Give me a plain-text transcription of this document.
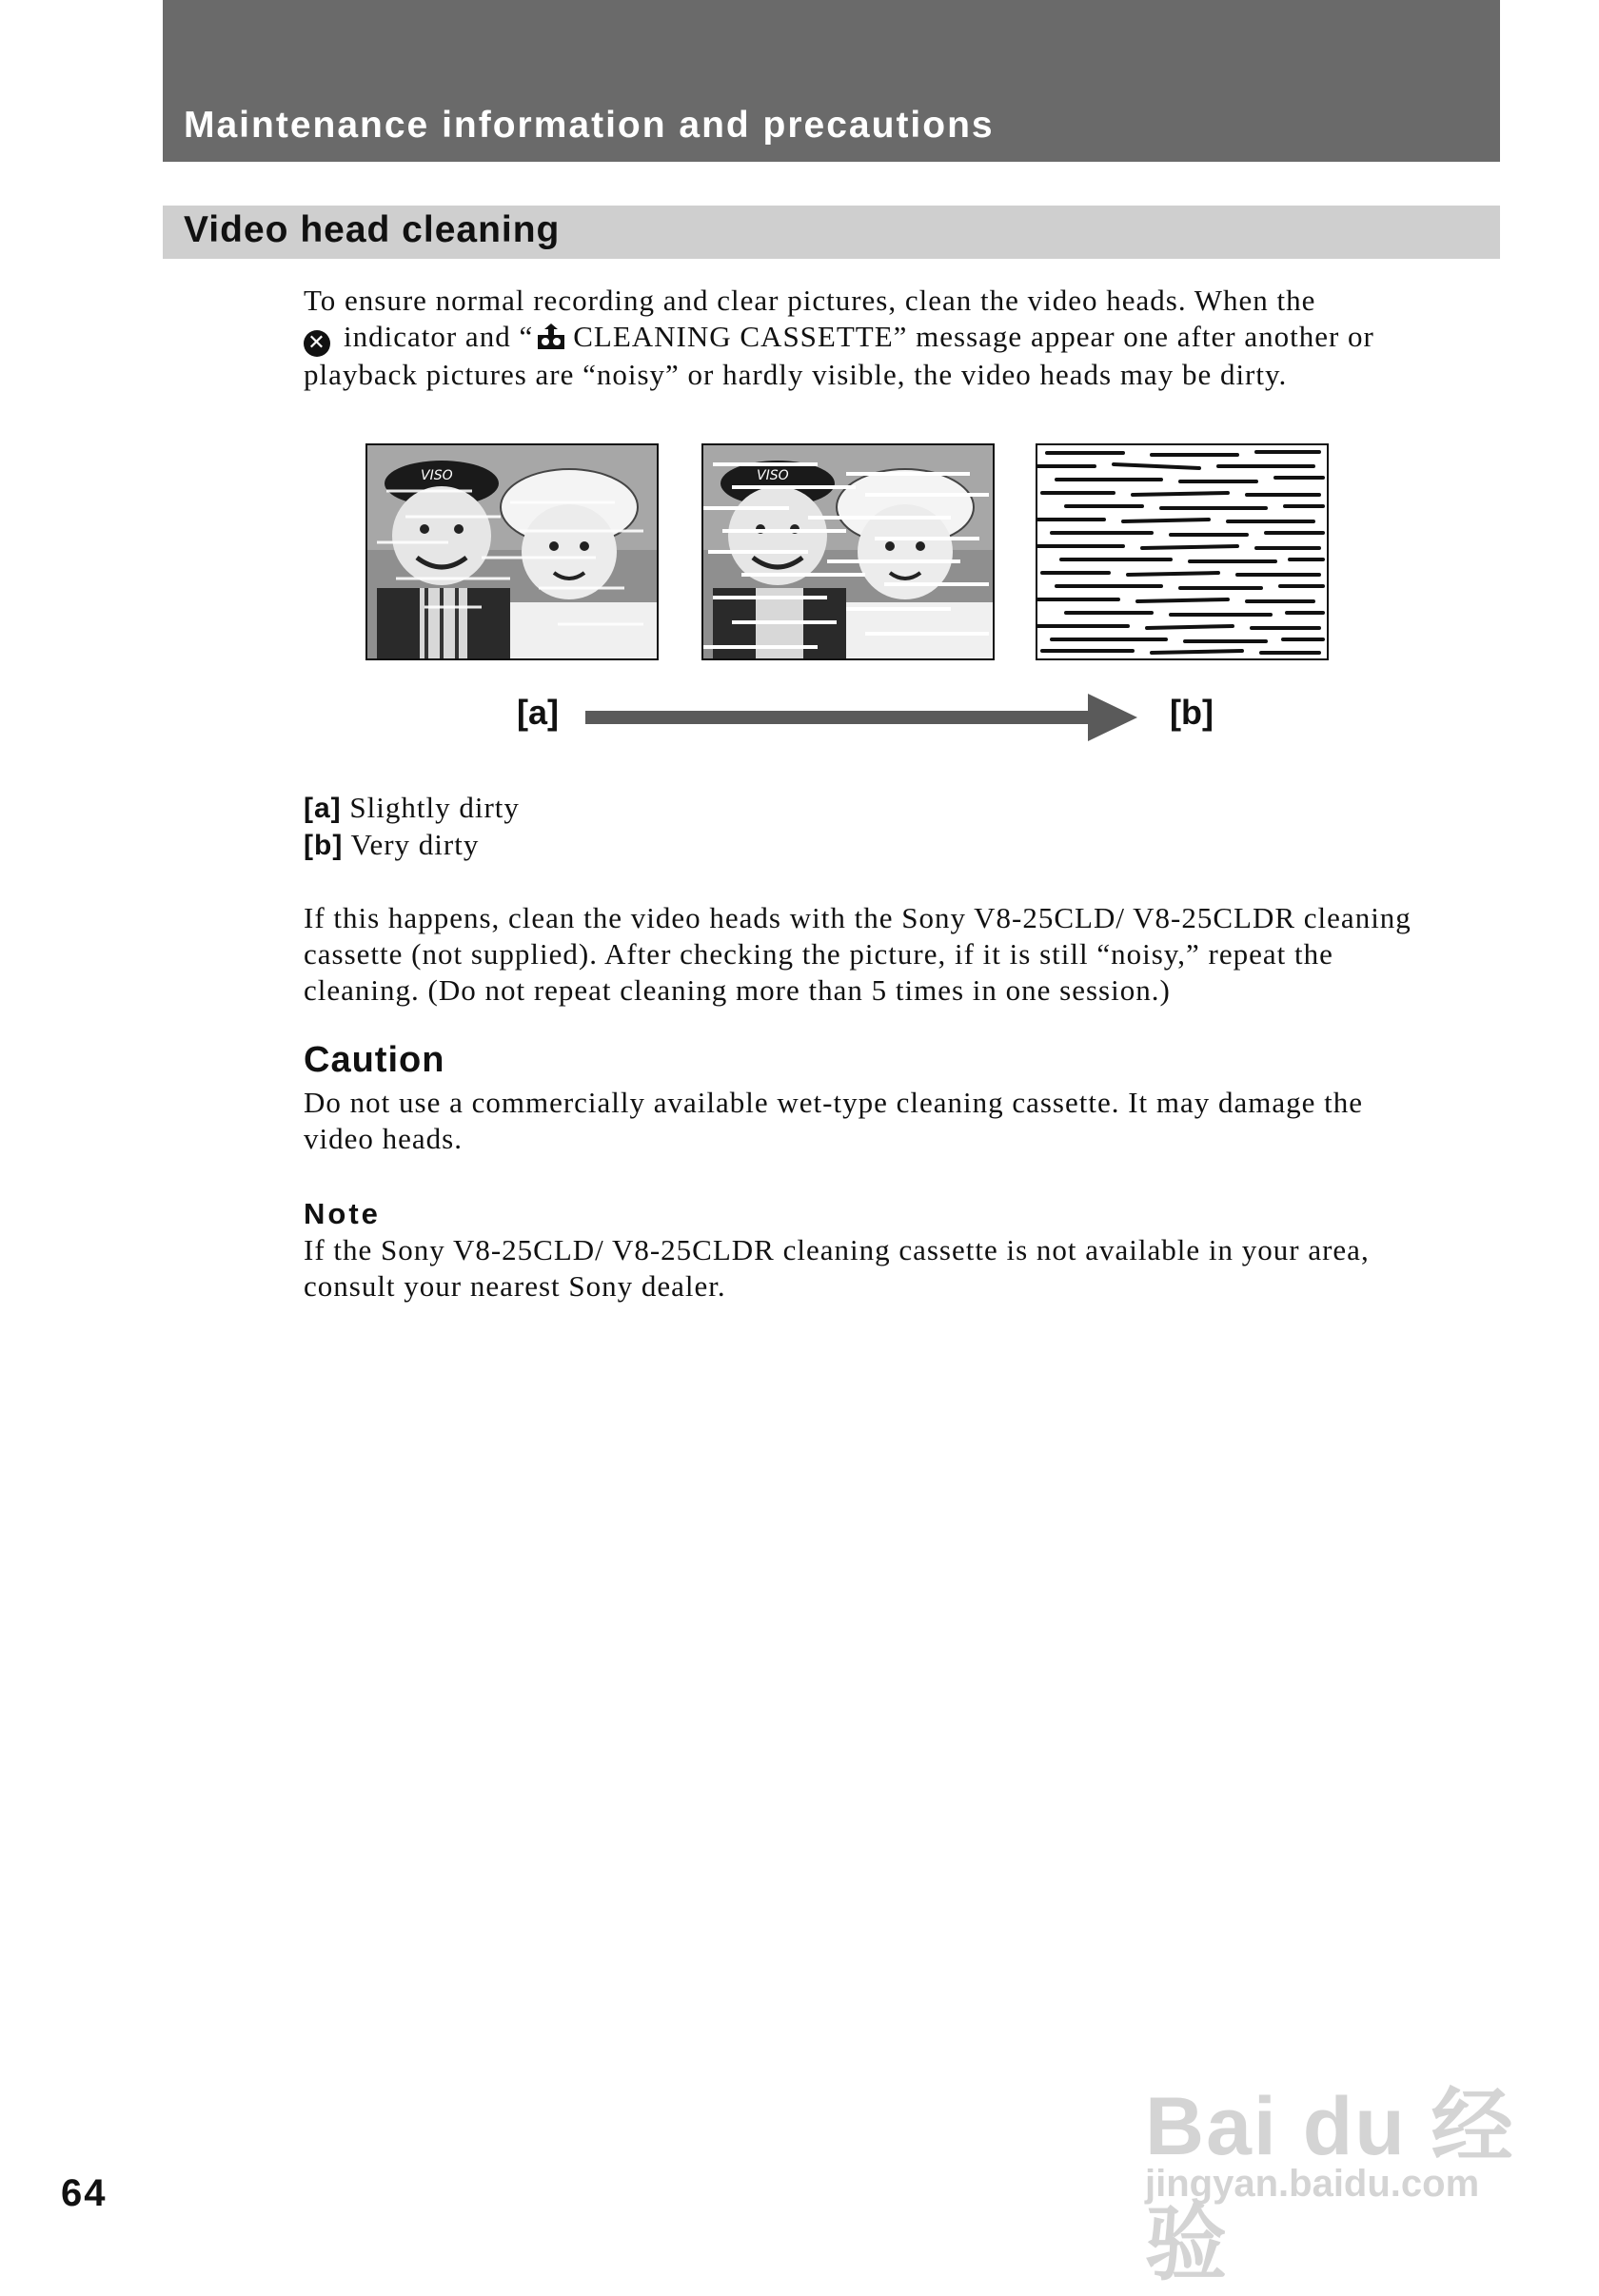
Maintenance information and precautions
Video head cleaning

To ensure normal recording and clear pictures, clean the video heads. When the

✕ indicator and “ CLEANING CASSETTE” message appear one after another or

playback pictures are “noisy” or hardly visible, the video heads may be dirty.

VISO	VISO
[a]	[b]

[a] Slightly dirty

[b] Very dirty

If this happens, clean the video heads with the Sony V8-25CLD/ V8-25CLDR cleaning

cassette (not supplied). After checking the picture, if it is still “noisy,” repeat the

cleaning. (Do not repeat cleaning more than 5 times in one session.)

Caution

Do not use a commercially available wet-type cleaning cassette. It may damage the

video heads.

Note

If the Sony V8-25CLD/ V8-25CLDR cleaning cassette is not available in your area,

consult your nearest Sony dealer.

Bai du 经验
jingyan.baidu.com
64
